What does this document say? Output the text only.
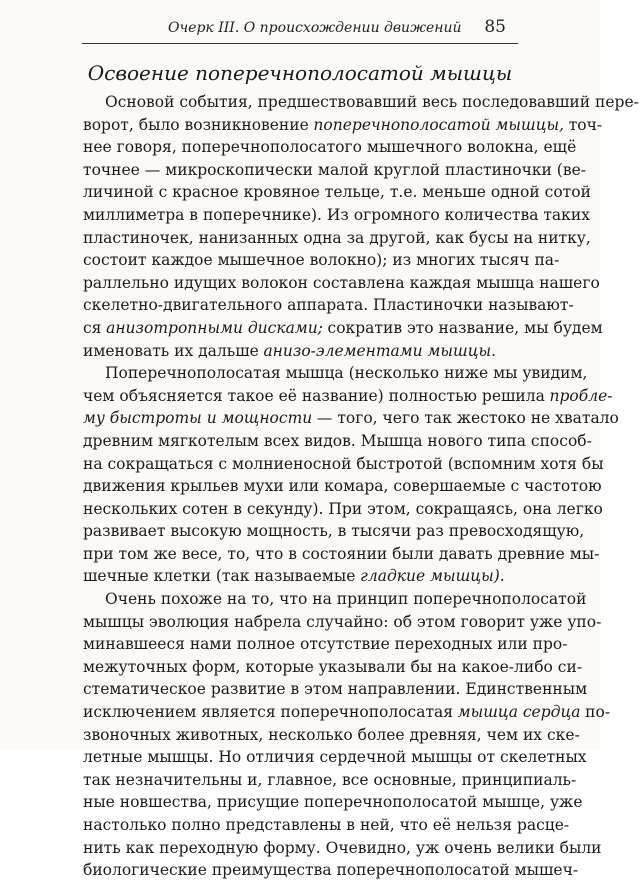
Очерк III. О происхождении движений 85
Освоение поперечнополосатой мышцы
Основой события, предшествовавший весь последовавший пере-
ворот, было возникновение поперечнополосатой мышцы, точ-
нее говоря, поперечнополосатого мышечного волокна, ещё
точнее — микроскопически малой круглой пластиночки (ве-
личиной с красное кровяное тельце, т.е. меньше одной сотой
миллиметра в поперечнике). Из огромного количества таких
пластиночек, нанизанных одна за другой, как бусы на нитку,
состоит каждое мышечное волокно); из многих тысяч па-
раллельно идущих волокон составлена каждая мышца нашего
скелетно-двигательного аппарата. Пластиночки называют-
ся анизотропными дисками; сократив это название, мы будем
именовать их дальше анизо-элементами мышцы.
Поперечнополосатая мышца (несколько ниже мы увидим,
чем объясняется такое её название) полностью решила пробле-
му быстроты и мощности — того, чего так жестоко не хватало
древним мягкотелым всех видов. Мышца нового типа способ-
на сокращаться с молниеносной быстротой (вспомним хотя бы
движения крыльев мухи или комара, совершаемые с частотою
нескольких сотен в секунду). При этом, сокращаясь, она легко
развивает высокую мощность, в тысячи раз превосходящую,
при том же весе, то, что в состоянии были давать древние мы-
шечные клетки (так называемые гладкие мышцы).
Очень похоже на то, что на принцип поперечнополосатой
мышцы эволюция набрела случайно: об этом говорит уже упо-
минавшееся нами полное отсутствие переходных или про-
межуточных форм, которые указывали бы на какое-либо си-
стематическое развитие в этом направлении. Единственным
исключением является поперечнополосатая мышца сердца по-
звоночных животных, несколько более древняя, чем их ске-
летные мышцы. Но отличия сердечной мышцы от скелетных
так незначительны и, главное, все основные, принципиаль-
ные новшества, присущие поперечнополосатой мышце, уже
настолько полно представлены в ней, что её нельзя расце-
нить как переходную форму. Очевидно, уж очень велики были
биологические преимущества поперечнополосатой мышеч-
